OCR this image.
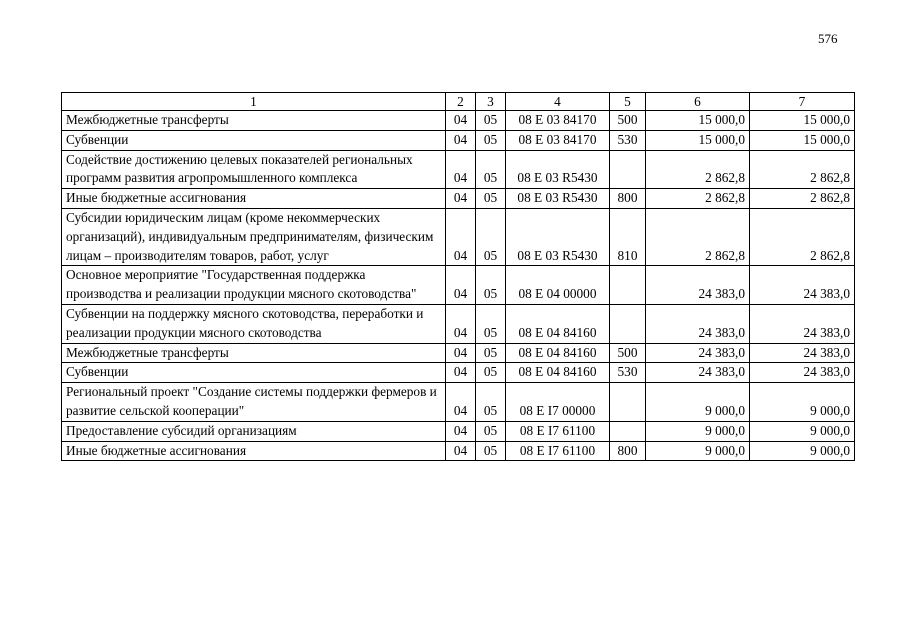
576
1	2	3	4	5	6	7
Межбюджетные трансферты	04	05	08 Е 03 84170	500	15 000,0	15 000,0
Субвенции	04	05	08 Е 03 84170	530	15 000,0	15 000,0
Содействие достижению целевых показателей региональных программ развития агропромышленного комплекса	04	05	08 Е 03 R5430		2 862,8	2 862,8
Иные бюджетные ассигнования	04	05	08 Е 03 R5430	800	2 862,8	2 862,8
Субсидии юридическим лицам (кроме некоммерческих организаций), индивидуальным предпринимателям, физическим лицам – производителям товаров, работ, услуг	04	05	08 Е 03 R5430	810	2 862,8	2 862,8
Основное мероприятие "Государственная поддержка производства и реализации продукции мясного скотоводства"	04	05	08 Е 04 00000		24 383,0	24 383,0
Субвенции на поддержку мясного скотоводства, переработки и реализации продукции мясного скотоводства	04	05	08 Е 04 84160		24 383,0	24 383,0
Межбюджетные трансферты	04	05	08 Е 04 84160	500	24 383,0	24 383,0
Субвенции	04	05	08 Е 04 84160	530	24 383,0	24 383,0
Региональный проект "Создание системы поддержки фермеров и развитие сельской кооперации"	04	05	08 Е I7 00000		9 000,0	9 000,0
Предоставление субсидий организациям	04	05	08 Е I7 61100		9 000,0	9 000,0
Иные бюджетные ассигнования	04	05	08 Е I7 61100	800	9 000,0	9 000,0
